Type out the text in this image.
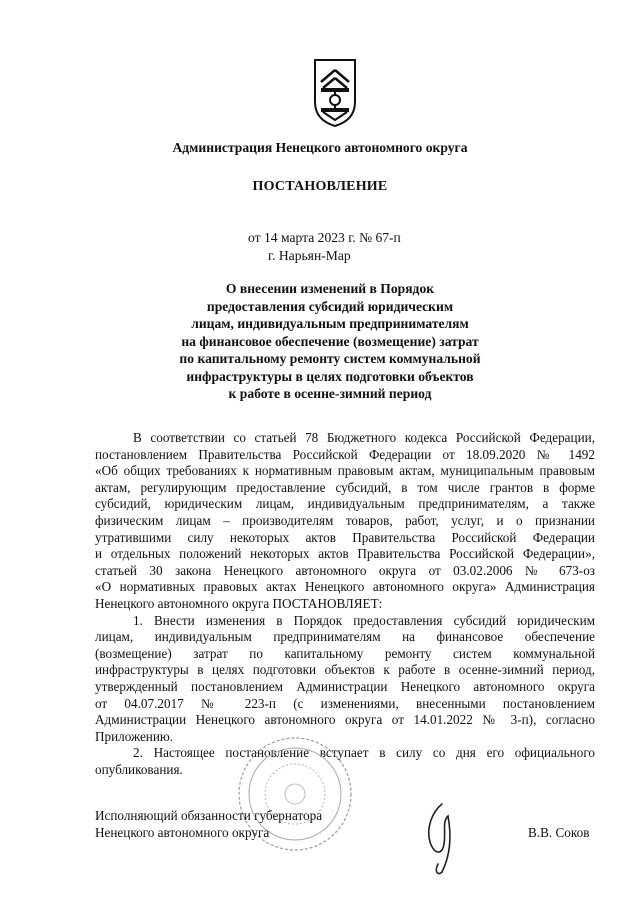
Администрация Ненецкого автономного округа
ПОСТАНОВЛЕНИЕ
от 14 марта 2023 г. № 67-п
г. Нарьян-Мар
О внесении изменений в Порядок
предоставления субсидий юридическим
лицам, индивидуальным предпринимателям
на финансовое обеспечение (возмещение) затрат
по капитальному ремонту систем коммунальной
инфраструктуры в целях подготовки объектов
к работе в осенне-зимний период
В соответствии со статьей 78 Бюджетного кодекса Российской Федерации,
постановлением Правительства Российской Федерации от 18.09.2020 № 1492
«Об общих требованиях к нормативным правовым актам, муниципальным правовым
актам, регулирующим предоставление субсидий, в том числе грантов в форме
субсидий, юридическим лицам, индивидуальным предпринимателям, а также
физическим лицам – производителям товаров, работ, услуг, и о признании
утратившими силу некоторых актов Правительства Российской Федерации
и отдельных положений некоторых актов Правительства Российской Федерации»,
статьей 30 закона Ненецкого автономного округа от 03.02.2006 № 673-оз
«О нормативных правовых актах Ненецкого автономного округа» Администрация
Ненецкого автономного округа ПОСТАНОВЛЯЕТ:
1. Внести изменения в Порядок предоставления субсидий юридическим
лицам, индивидуальным предпринимателям на финансовое обеспечение
(возмещение) затрат по капитальному ремонту систем коммунальной
инфраструктуры в целях подготовки объектов к работе в осенне-зимний период,
утвержденный постановлением Администрации Ненецкого автономного округа
от 04.07.2017 № 223-п (с изменениями, внесенными постановлением
Администрации Ненецкого автономного округа от 14.01.2022 № 3-п), согласно
Приложению.
2. Настоящее постановление вступает в силу со дня его официального
опубликования.
Исполняющий обязанности губернатора
Ненецкого автономного округа	В.В. Соков
